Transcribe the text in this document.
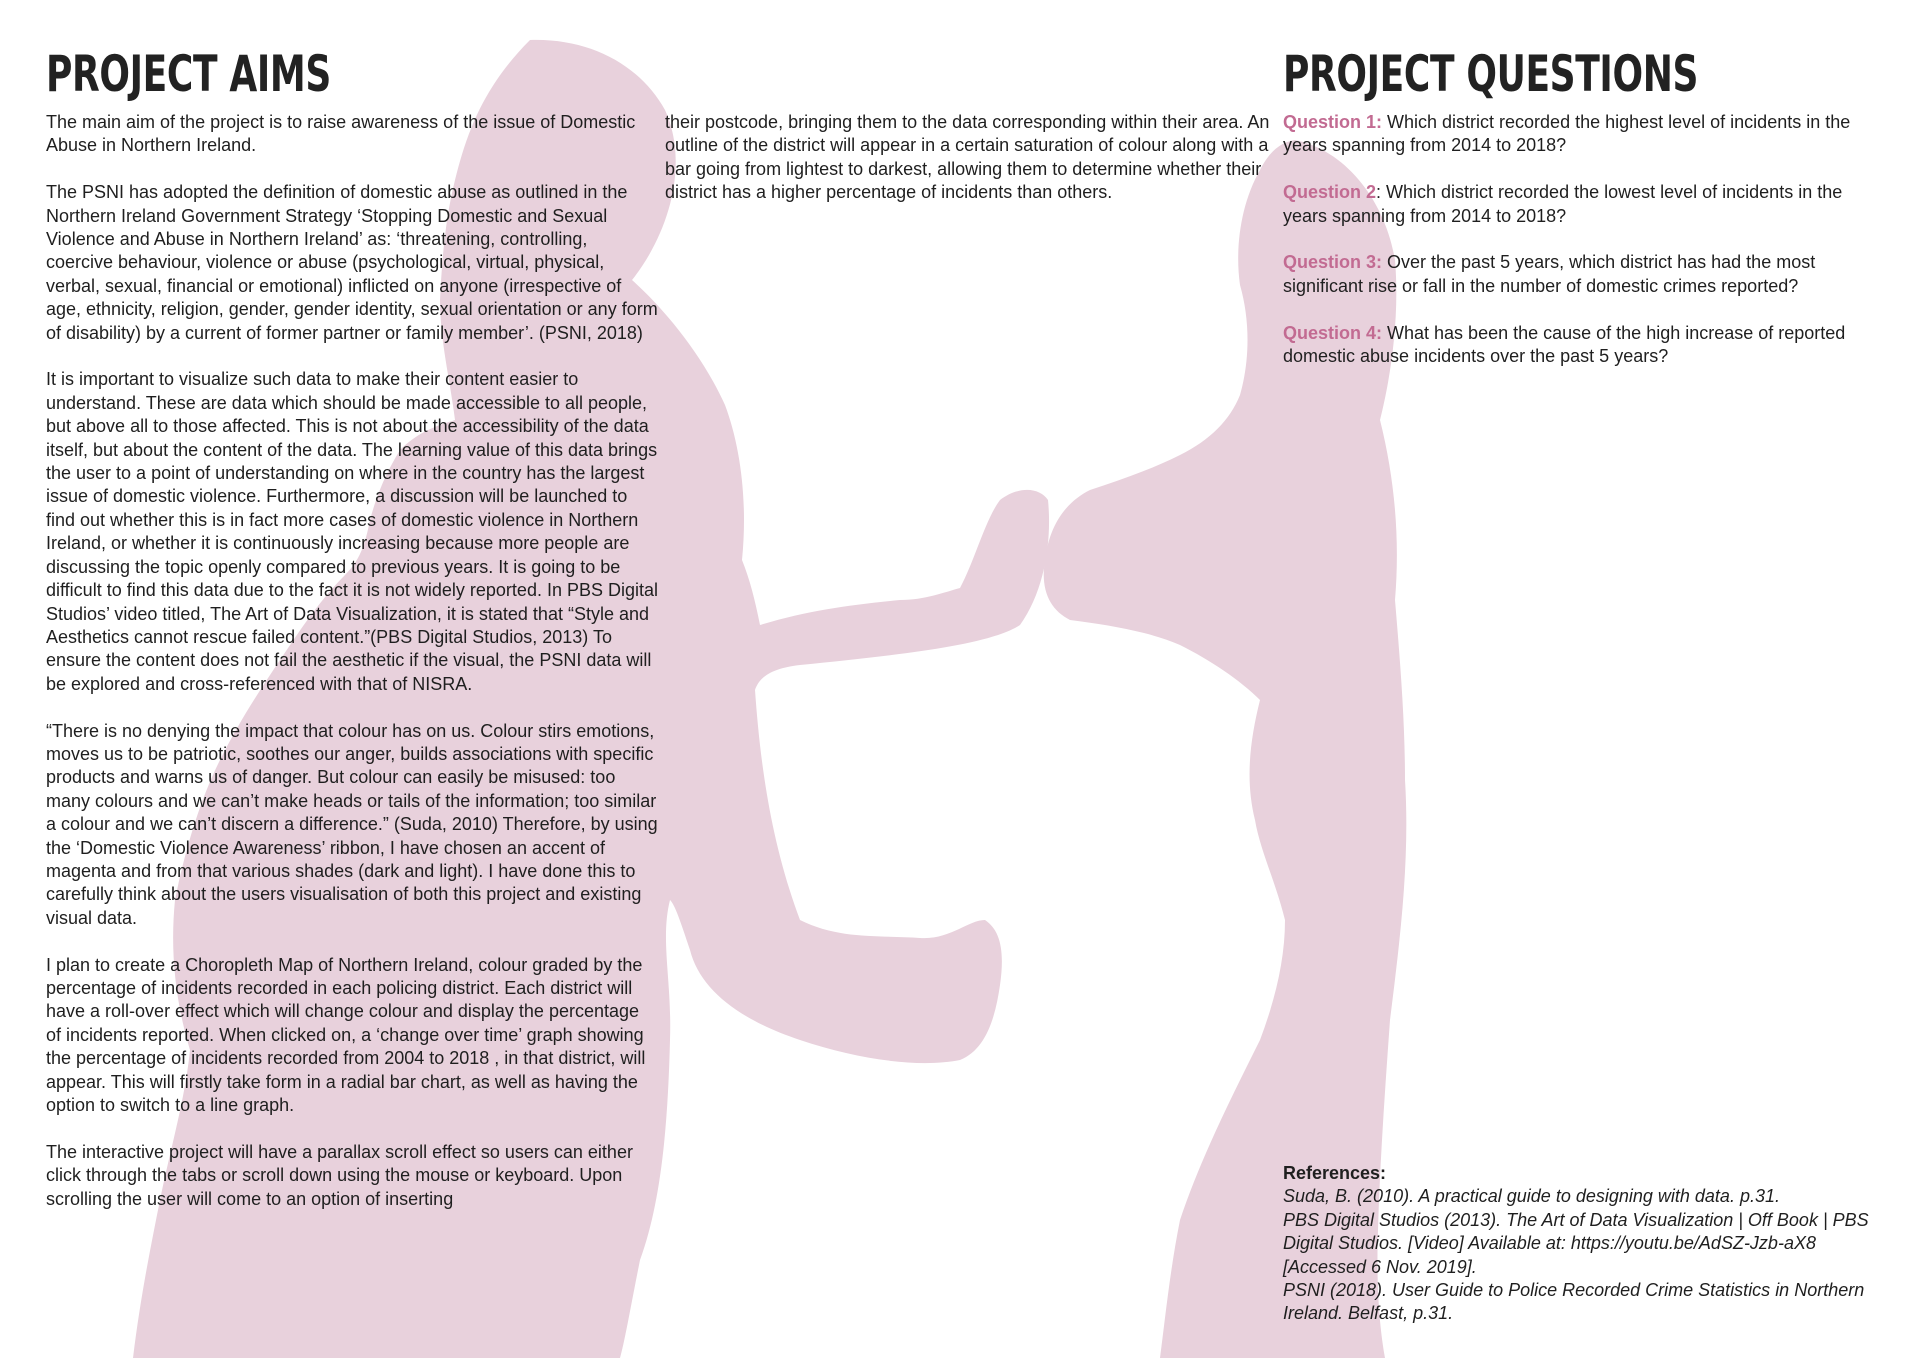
PROJECT AIMS	PROJECT QUESTIONS

The main aim of the project is to raise awareness of the issue of Domestic Abuse in Northern Ireland.

The PSNI has adopted the definition of domestic abuse as outlined in the Northern Ireland Government Strategy ‘Stopping Domestic and Sexual Violence and Abuse in Northern Ireland’ as: ‘threatening, controlling, coercive behaviour, violence or abuse (psychological, virtual, physical, verbal, sexual, financial or emotional) inflicted on anyone (irrespective of age, ethnicity, religion, gender, gender identity, sexual orientation or any form of disability) by a current of former partner or family member’. (PSNI, 2018)

It is important to visualize such data to make their content easier to understand. These are data which should be made accessible to all people, but above all to those affected. This is not about the accessibility of the data itself, but about the content of the data. The learning value of this data brings the user to a point of understanding on where in the country has the largest issue of domestic violence. Furthermore, a discussion will be launched to find out whether this is in fact more cases of domestic violence in Northern Ireland, or whether it is continuously increasing because more people are discussing the topic openly compared to previous years. It is going to be difficult to find this data due to the fact it is not widely reported. In PBS Digital Studios’ video titled, The Art of Data Visualization, it is stated that “Style and Aesthetics cannot rescue failed content.”(PBS Digital Studios, 2013) To ensure the content does not fail the aesthetic if the visual, the PSNI data will be explored and cross-referenced with that of NISRA.

“There is no denying the impact that colour has on us. Colour stirs emotions, moves us to be patriotic, soothes our anger, builds associations with specific products and warns us of danger. But colour can easily be misused: too many colours and we can’t make heads or tails of the information; too similar a colour and we can’t discern a difference.” (Suda, 2010) Therefore, by using the ‘Domestic Violence Awareness’ ribbon, I have chosen an accent of magenta and from that various shades (dark and light). I have done this to carefully think about the users visualisation of both this project and existing visual data.

I plan to create a Choropleth Map of Northern Ireland, colour graded by the percentage of incidents recorded in each policing district. Each district will have a roll-over effect which will change colour and display the percentage of incidents reported. When clicked on, a ‘change over time’ graph showing the percentage of incidents recorded from 2004 to 2018 , in that district, will appear. This will firstly take form in a radial bar chart, as well as having the option to switch to a line graph.

The interactive project will have a parallax scroll effect so users can either click through the tabs or scroll down using the mouse or keyboard. Upon scrolling the user will come to an option of inserting

their postcode, bringing them to the data corresponding within their area. An outline of the district will appear in a certain saturation of colour along with a bar going from lightest to darkest, allowing them to determine whether their district has a higher percentage of incidents than others.

Question 1: Which district recorded the highest level of incidents in the years spanning from 2014 to 2018?

Question 2: Which district recorded the lowest level of incidents in the years spanning from 2014 to 2018?

Question 3: Over the past 5 years, which district has had the most significant rise or fall in the number of domestic crimes reported?

Question 4: What has been the cause of the high increase of reported domestic abuse incidents over the past 5 years?

References:
Suda, B. (2010). A practical guide to designing with data. p.31.
PBS Digital Studios (2013). The Art of Data Visualization | Off Book | PBS Digital Studios. [Video] Available at: https://youtu.be/AdSZ-Jzb-aX8 [Accessed 6 Nov. 2019].
PSNI (2018). User Guide to Police Recorded Crime Statistics in Northern Ireland. Belfast, p.31.
